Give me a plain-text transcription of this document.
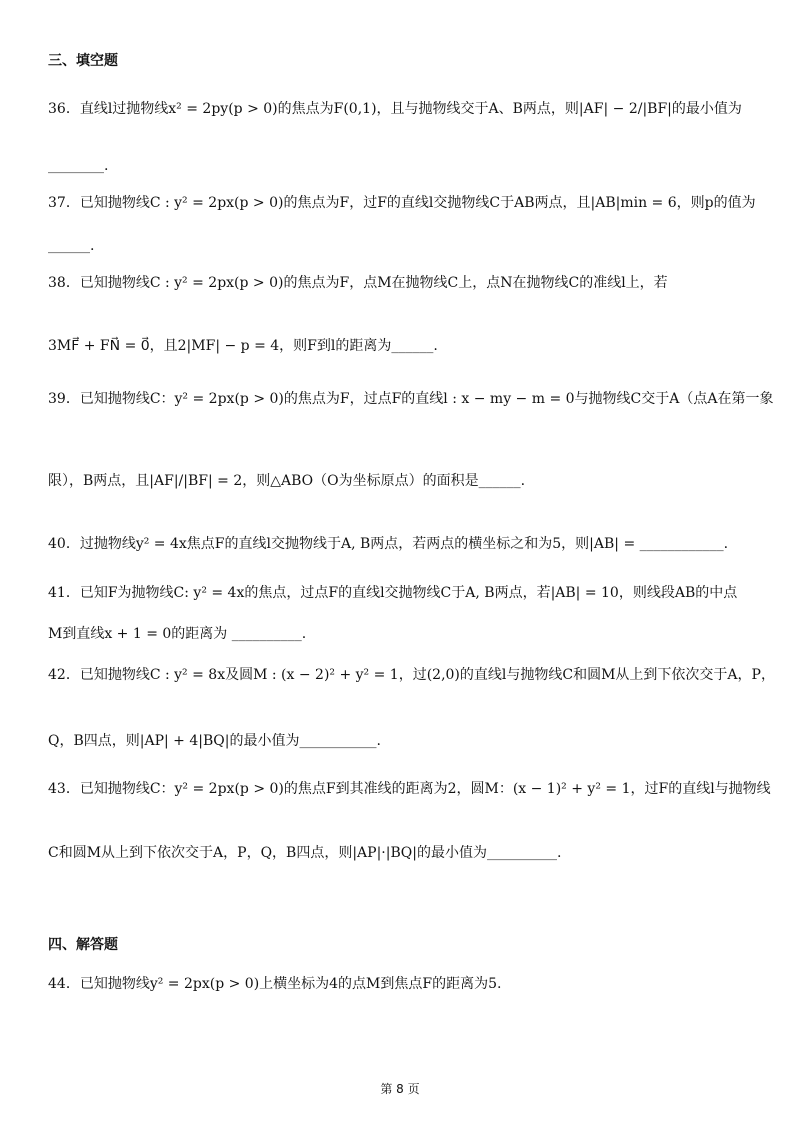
三、填空题
36．直线l过抛物线x² = 2py(p > 0)的焦点为F(0,1)，且与抛物线交于A、B两点，则|AF| − 2/|BF|的最小值为
________.
37．已知抛物线C : y² = 2px(p > 0)的焦点为F，过F的直线l交抛物线C于AB两点，且|AB|min = 6，则p的值为
______.
38．已知抛物线C : y² = 2px(p > 0)的焦点为F，点M在抛物线C上，点N在抛物线C的准线l上，若
3MF⃗ + FN⃗ = 0⃗，且2|MF| − p = 4，则F到l的距离为______.
39．已知抛物线C：y² = 2px(p > 0)的焦点为F，过点F的直线l : x − my − m = 0与抛物线C交于A（点A在第一象
限），B两点，且|AF|/|BF| = 2，则△ABO（O为坐标原点）的面积是______.
40．过抛物线y² = 4x焦点F的直线l交抛物线于A, B两点，若两点的横坐标之和为5，则|AB| = ____________.
41．已知F为抛物线C: y² = 4x的焦点，过点F的直线l交抛物线C于A, B两点，若|AB| = 10，则线段AB的中点
M到直线x + 1 = 0的距离为 __________.
42．已知抛物线C : y² = 8x及圆M : (x − 2)² + y² = 1，过(2,0)的直线l与抛物线C和圆M从上到下依次交于A，P，
Q，B四点，则|AP| + 4|BQ|的最小值为___________.
43．已知抛物线C：y² = 2px(p > 0)的焦点F到其准线的距离为2，圆M：(x − 1)² + y² = 1，过F的直线l与抛物线
C和圆M从上到下依次交于A，P，Q，B四点，则|AP|·|BQ|的最小值为__________.
四、解答题
44．已知抛物线y² = 2px(p > 0)上横坐标为4的点M到焦点F的距离为5.
第 8 页
